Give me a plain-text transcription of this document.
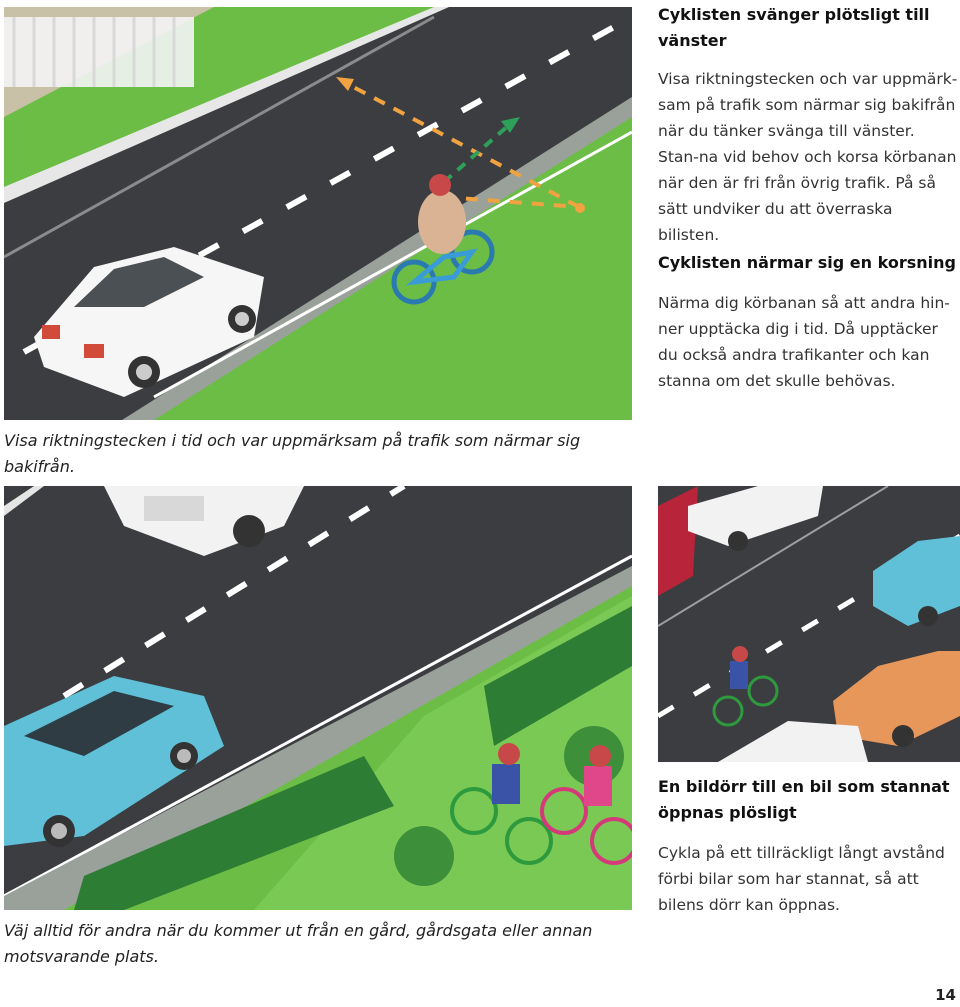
Cyklisten svänger plötsligt till vänster

Visa riktningstecken och var uppmärk-sam på trafik som närmar sig bakifrån när du tänker svänga till vänster. Stan-na vid behov och korsa körbanan när den är fri från övrig trafik. På så sätt undviker du att överraska bilisten.

Cyklisten närmar sig en korsning

Närma dig körbanan så att andra hin-ner upptäcka dig i tid. Då upptäcker du också andra trafikanter och kan stanna om det skulle behövas.

Visa riktningstecken i tid och var uppmärksam på trafik som närmar sig bakifrån.

En bildörr till en bil som stannat öppnas plösligt

Cykla på ett tillräckligt långt avstånd förbi bilar som har stannat, så att bilens dörr kan öppnas.

Väj alltid för andra när du kommer ut från en gård, gårdsgata eller annan motsvarande plats.

14
